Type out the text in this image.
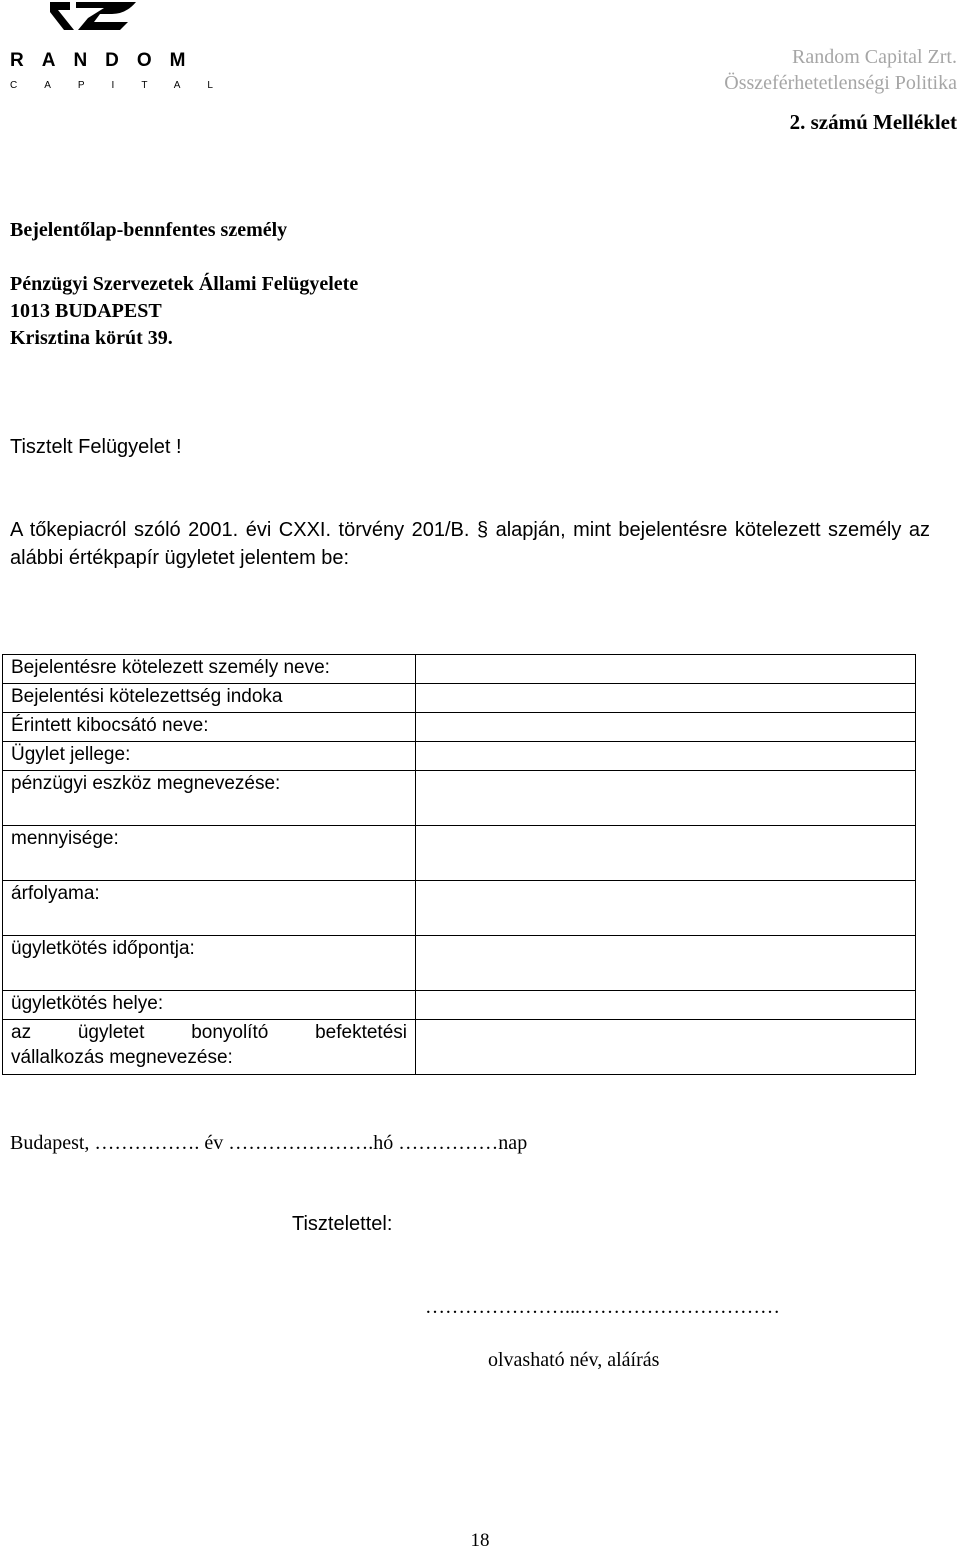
RANDOM
CAPITAL
Random Capital Zrt.
Összeférhetetlenségi Politika
2. számú Melléklet
Bejelentőlap-bennfentes személy
Pénzügyi Szervezetek Állami Felügyelete
1013 BUDAPEST
Krisztina körút 39.
Tisztelt Felügyelet !
A tőkepiacról szóló 2001. évi CXXI. törvény 201/B. § alapján, mint bejelentésre kötelezett személy az alábbi értékpapír ügyletet jelentem be:
Bejelentésre kötelezett személy neve:	
Bejelentési kötelezettség indoka	
Érintett kibocsátó neve:	
Ügylet jellege:	
pénzügyi eszköz megnevezése:	
mennyisége:	
árfolyama:	
ügyletkötés időpontja:	
ügyletkötés helye:	

az ügyletet bonyolító befektetési
vállalkozás megnevezése:	

Budapest, ……………. év ………………….hó ……………nap
Tisztelettel:
…………………...…………………………
olvasható név, aláírás
18
